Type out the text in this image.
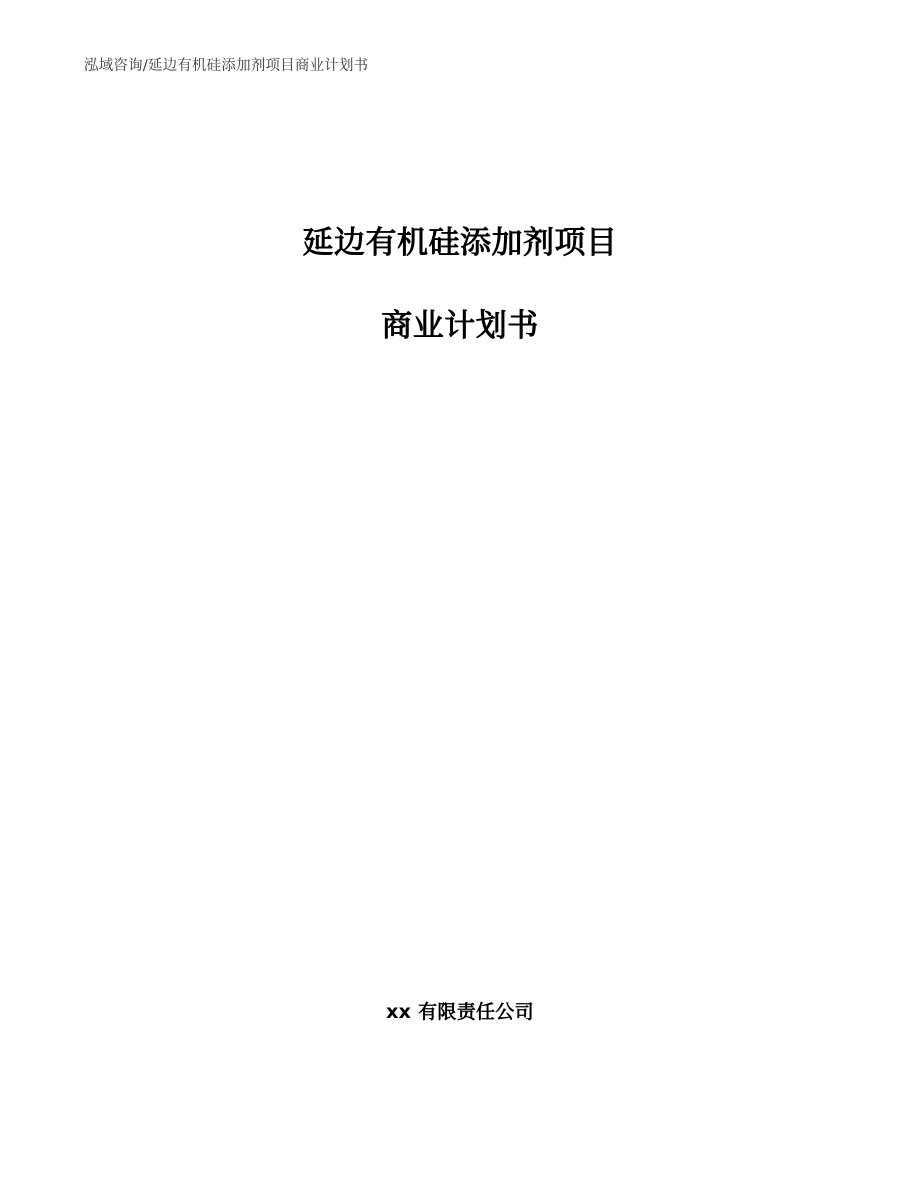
泓域咨询/延边有机硅添加剂项目商业计划书
延边有机硅添加剂项目
商业计划书
xx 有限责任公司
